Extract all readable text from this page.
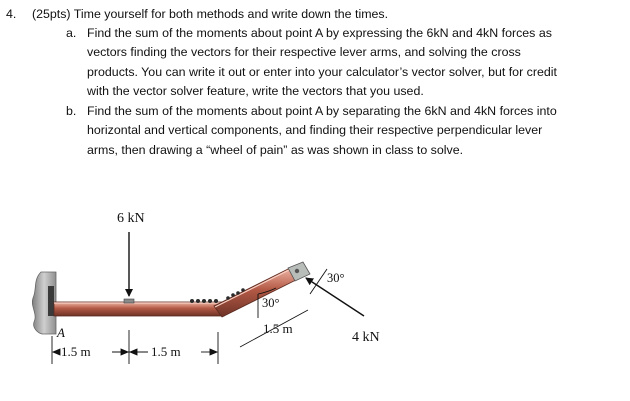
4. (25pts) Time yourself for both methods and write down the times.
a. Find the sum of the moments about point A by expressing the 6kN and 4kN forces as
vectors finding the vectors for their respective lever arms, and solving the cross
products. You can write it out or enter into your calculator’s vector solver, but for credit
with the vector solver feature, write the vectors that you used.
b. Find the sum of the moments about point A by separating the 6kN and 4kN forces into
horizontal and vertical components, and finding their respective perpendicular lever
arms, then drawing a “wheel of pain” as was shown in class to solve.
6 kN
4 kN
30°
30°
1.5 m
A
1.5 m	1.5 m
